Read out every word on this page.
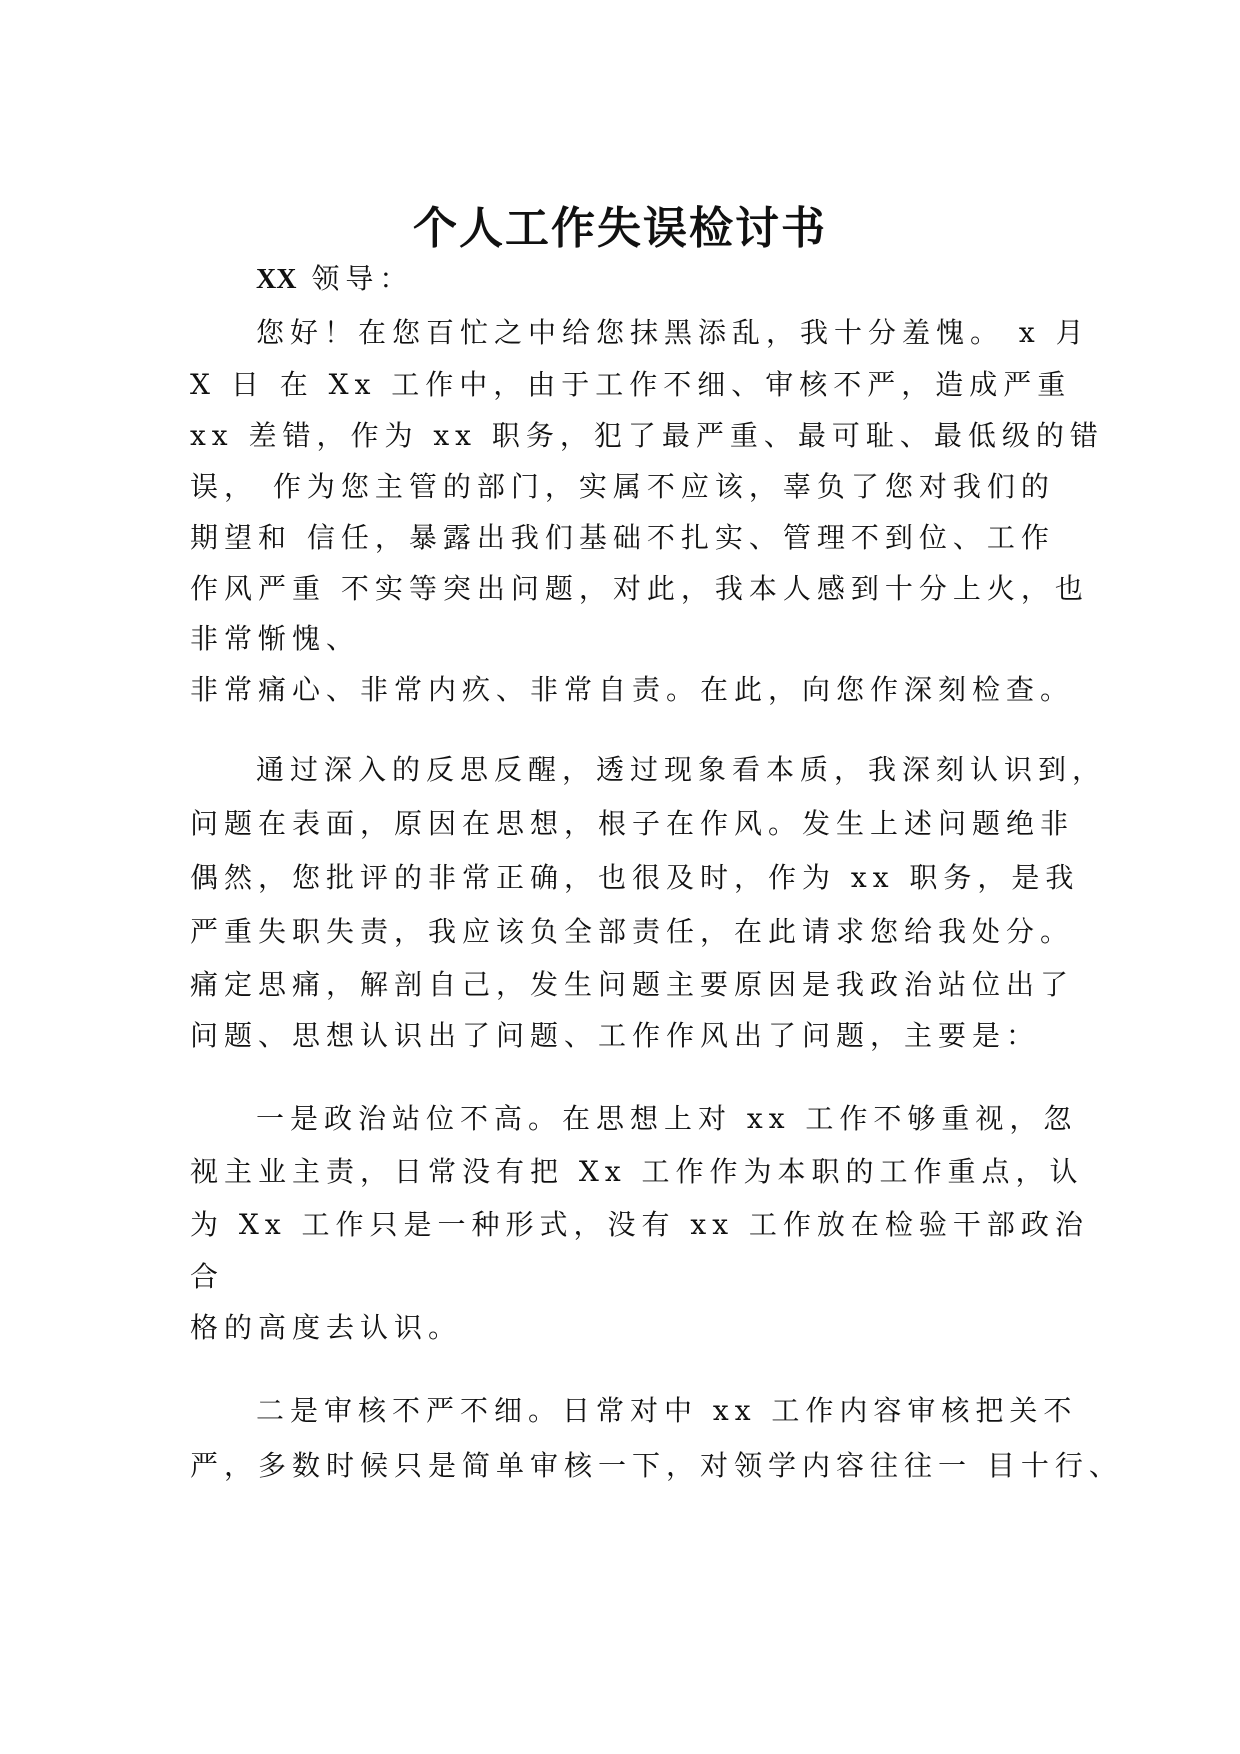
个人工作失误检讨书
XX 领导：
您好！在您百忙之中给您抹黑添乱，我十分羞愧。 x 月
X 日 在 Xx 工作中，由于工作不细、审核不严，造成严重
xx 差错，作为 xx 职务，犯了最严重、最可耻、最低级的错
误， 作为您主管的部门，实属不应该，辜负了您对我们的
期望和 信任，暴露出我们基础不扎实、管理不到位、工作
作风严重 不实等突出问题，对此，我本人感到十分上火，也
非常惭愧、
非常痛心、非常内疚、非常自责。在此，向您作深刻检查。
通过深入的反思反醒，透过现象看本质，我深刻认识到，
问题在表面，原因在思想，根子在作风。发生上述问题绝非
偶然，您批评的非常正确，也很及时，作为 xx 职务，是我
严重失职失责，我应该负全部责任，在此请求您给我处分。
痛定思痛，解剖自己，发生问题主要原因是我政治站位出了
问题、思想认识出了问题、工作作风出了问题，主要是：
一是政治站位不高。在思想上对 xx 工作不够重视，忽
视主业主责，日常没有把 Xx 工作作为本职的工作重点，认
为 Xx 工作只是一种形式，没有 xx 工作放在检验干部政治
合
格的高度去认识。
二是审核不严不细。日常对中 xx 工作内容审核把关不
严，多数时候只是简单审核一下，对领学内容往往一 目十行、
